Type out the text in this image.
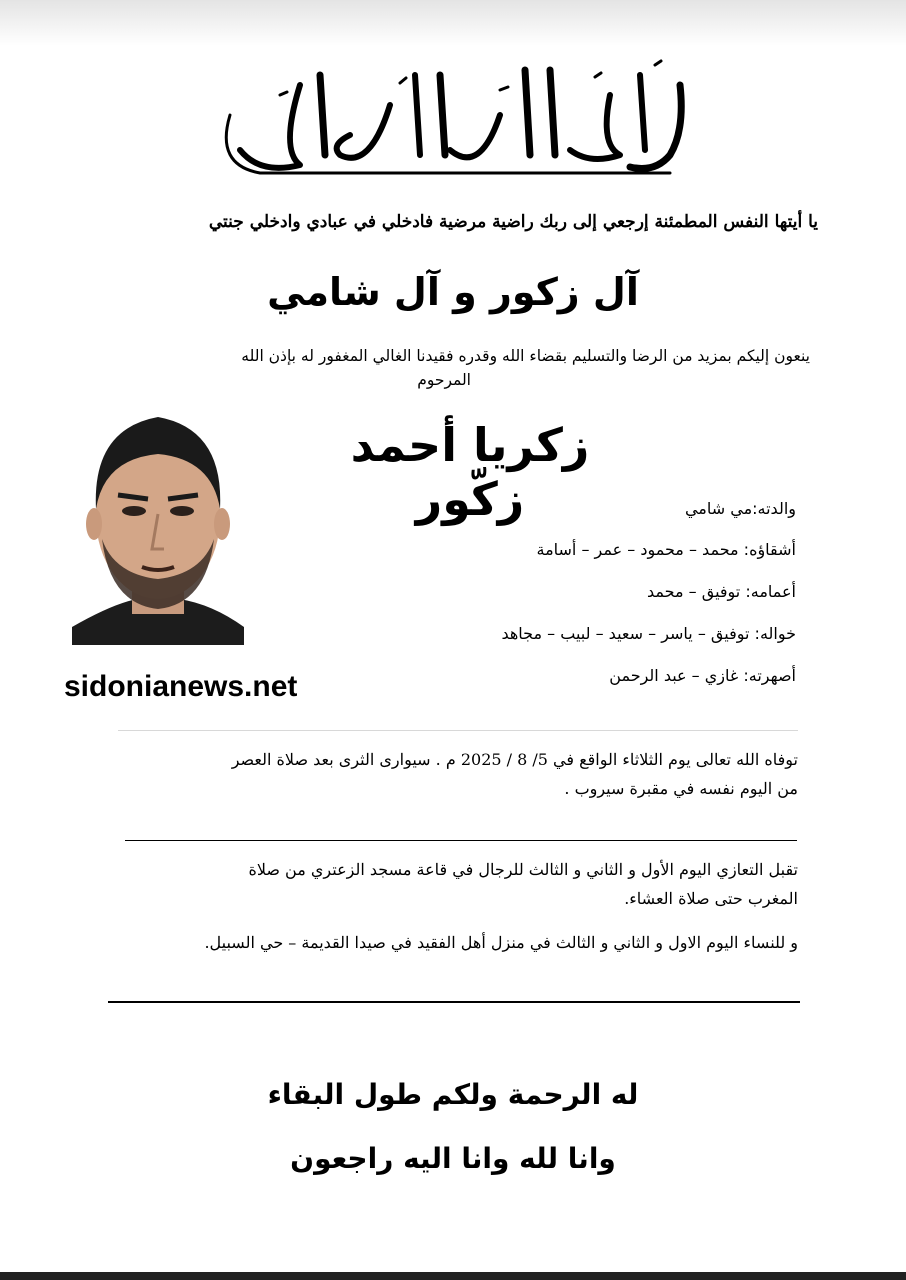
يا أيتها النفس المطمئنة إرجعي إلى ربك راضية مرضية فادخلي في عبادي وادخلي جنتي
آل زكور و آل شامي
ينعون إليكم بمزيد من الرضا والتسليم بقضاء الله وقدره فقيدنا الغالي المغفور له بإذن الله
المرحوم
زكريا أحمد زكّور	والدته:مي شامي
أشقاؤه: محمد – محمود – عمر – أسامة
أعمامه: توفيق – محمد
خواله: توفيق – ياسر – سعيد – لبيب – مجاهد
أصهرته: غازي – عبد الرحمن
sidonianews.net
توفاه الله تعالى يوم الثلاثاء الواقع في 5/ 8 / 2025 م . سيوارى الثرى بعد صلاة العصر
من اليوم نفسه في مقبرة سيروب .
تقبل التعازي اليوم الأول و الثاني و الثالث للرجال في قاعة مسجد الزعتري من صلاة
المغرب حتى صلاة العشاء.
و للنساء اليوم الاول و الثاني و الثالث في منزل أهل الفقيد في صيدا القديمة – حي السبيل.
له الرحمة ولكم طول البقاء
وانا لله وانا اليه راجعون
